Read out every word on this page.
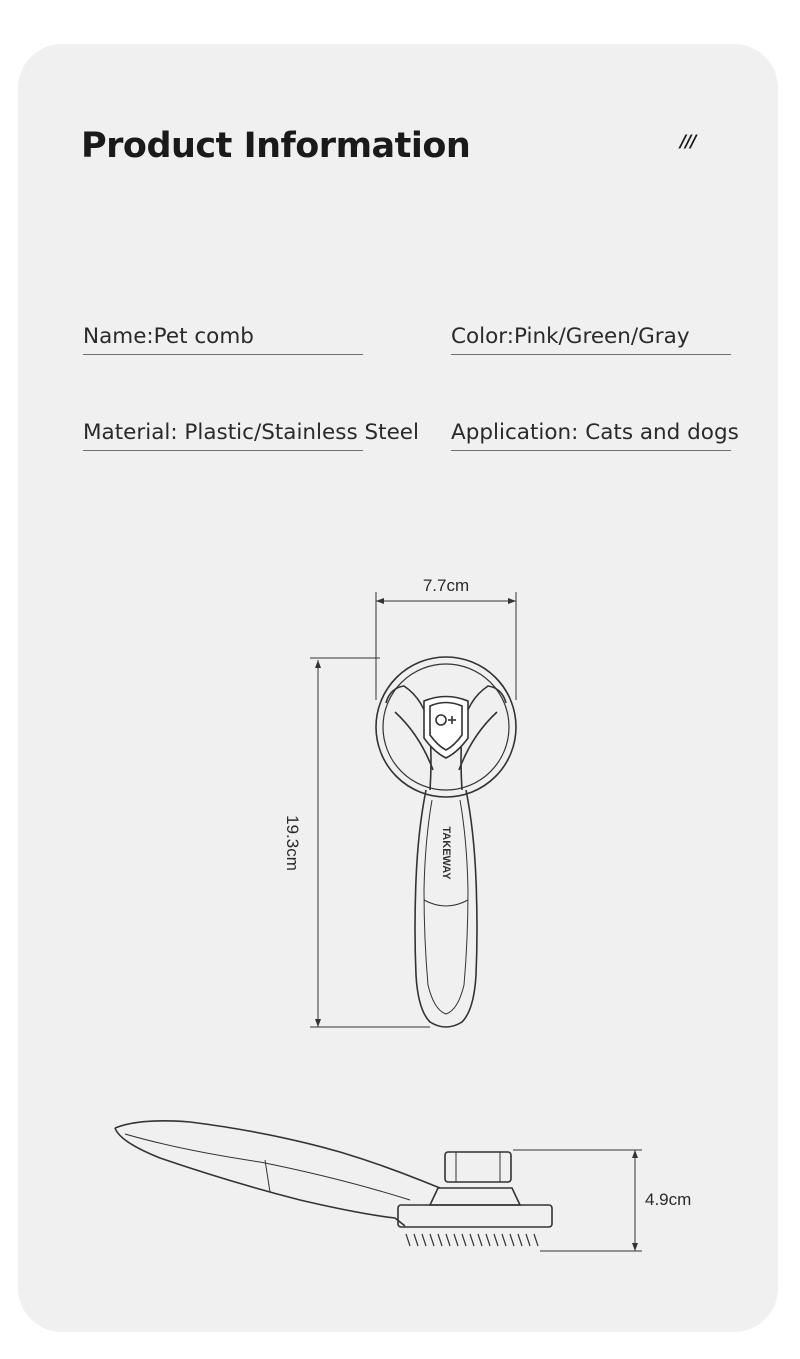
Product Information	///
Name:Pet comb	Color:Pink/Green/Gray
Material: Plastic/Stainless Steel Application: Cats and dogs
7.7cm
19.3cm	TAKEWAY
4.9cm
